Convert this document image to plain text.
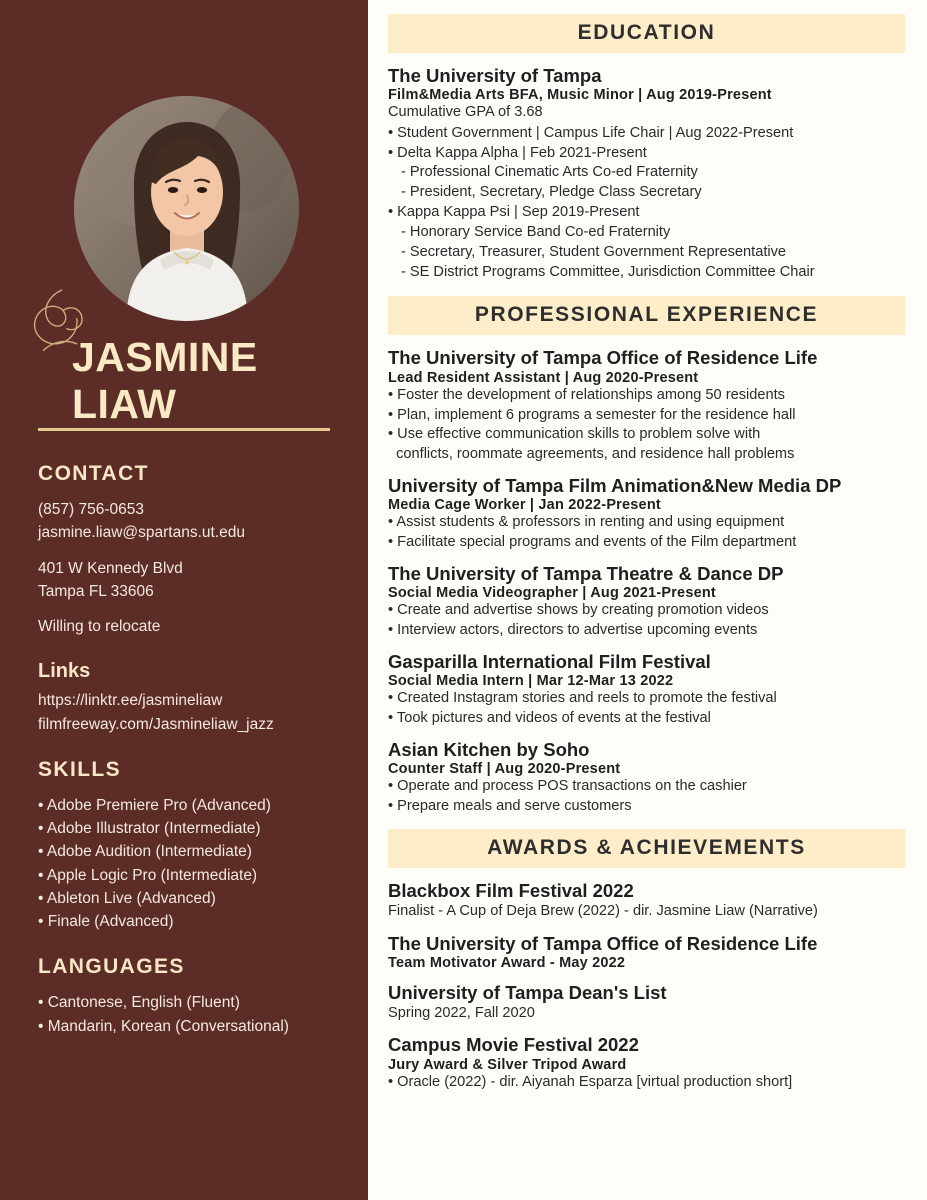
JASMINE LIAW
CONTACT
(857) 756-0653
jasmine.liaw@spartans.ut.edu
401 W Kennedy Blvd
Tampa FL 33606
Willing to relocate
Links
https://linktr.ee/jasmineliaw
filmfreeway.com/Jasmineliaw_jazz
SKILLS
• Adobe Premiere Pro (Advanced)
• Adobe Illustrator (Intermediate)
• Adobe Audition (Intermediate)
• Apple Logic Pro (Intermediate)
• Ableton Live (Advanced)
• Finale (Advanced)
LANGUAGES
• Cantonese, English (Fluent)
• Mandarin, Korean (Conversational)
EDUCATION
The University of Tampa
Film&Media Arts BFA, Music Minor | Aug 2019-Present
Cumulative GPA of 3.68
• Student Government | Campus Life Chair | Aug 2022-Present
• Delta Kappa Alpha | Feb 2021-Present
- Professional Cinematic Arts Co-ed Fraternity
- President, Secretary, Pledge Class Secretary
• Kappa Kappa Psi | Sep 2019-Present
- Honorary Service Band Co-ed Fraternity
- Secretary, Treasurer, Student Government Representative
- SE District Programs Committee, Jurisdiction Committee Chair
PROFESSIONAL EXPERIENCE
The University of Tampa Office of Residence Life
Lead Resident Assistant | Aug 2020-Present
• Foster the development of relationships among 50 residents
• Plan, implement 6 programs a semester for the residence hall
• Use effective communication skills to problem solve with
conflicts, roommate agreements, and residence hall problems
University of Tampa Film Animation&New Media DP
Media Cage Worker | Jan 2022-Present
• Assist students & professors in renting and using equipment
• Facilitate special programs and events of the Film department
The University of Tampa Theatre & Dance DP
Social Media Videographer | Aug 2021-Present
• Create and advertise shows by creating promotion videos
• Interview actors, directors to advertise upcoming events
Gasparilla International Film Festival
Social Media Intern | Mar 12-Mar 13 2022
• Created Instagram stories and reels to promote the festival
• Took pictures and videos of events at the festival
Asian Kitchen by Soho
Counter Staff | Aug 2020-Present
• Operate and process POS transactions on the cashier
• Prepare meals and serve customers
AWARDS & ACHIEVEMENTS
Blackbox Film Festival 2022
Finalist - A Cup of Deja Brew (2022) - dir. Jasmine Liaw (Narrative)
The University of Tampa Office of Residence Life
Team Motivator Award - May 2022
University of Tampa Dean's List
Spring 2022, Fall 2020
Campus Movie Festival 2022
Jury Award & Silver Tripod Award
• Oracle (2022) - dir. Aiyanah Esparza [virtual production short]
